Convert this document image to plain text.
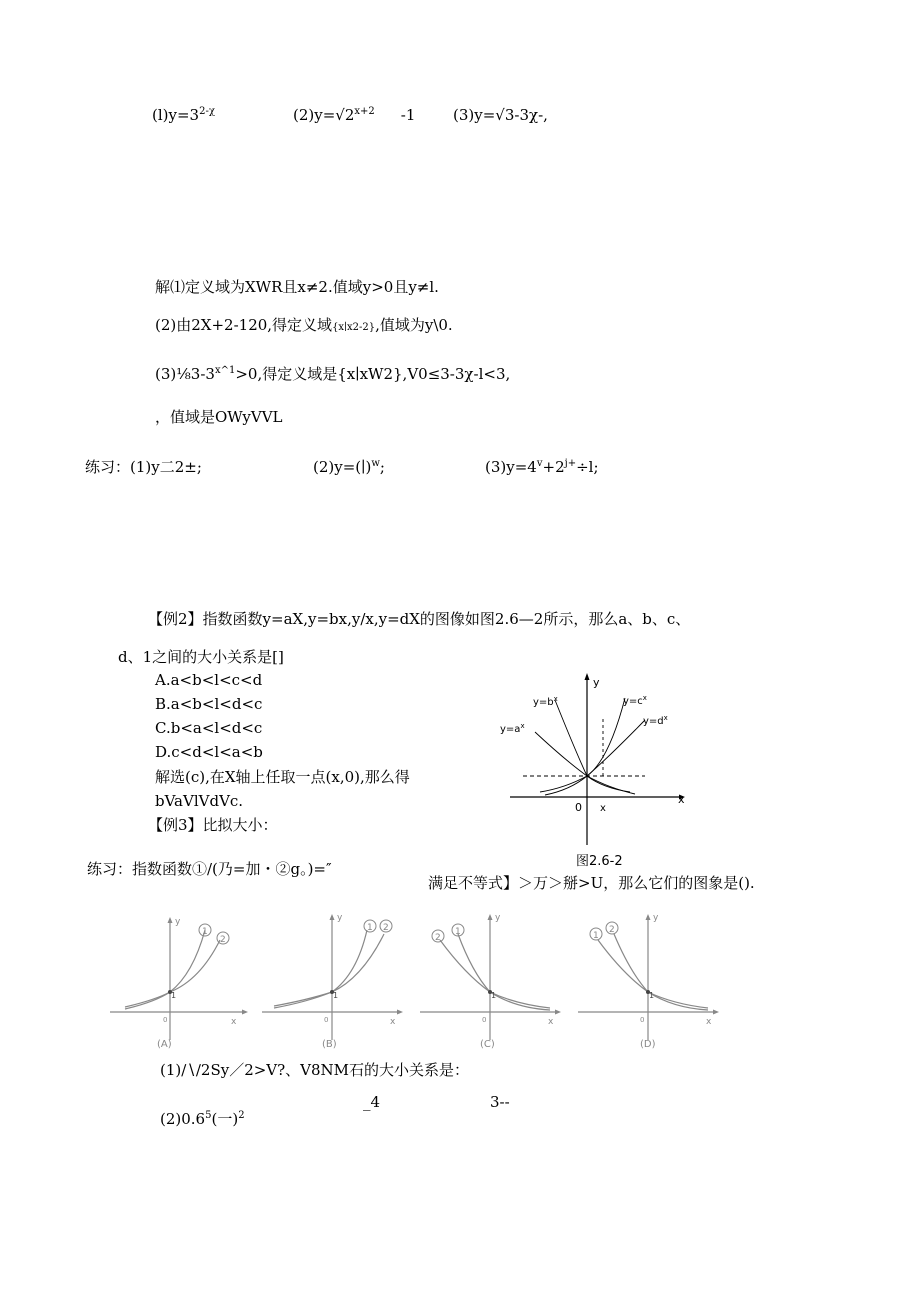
$(l)y=3^{2-\chi}$	$(2)y=√2^{x+2}$ -1	(3)y=√3-3χ-,
解⑴定义域为XWR且x≠2.值域y>0且y≠l.
(2)由2X+2-120,得定义域{x∣x2-2},值域为y\0.
$(3)\frac{1}{8}3-3^{x\^{}1}>0$,得定义域是{x∣xW2},V0≤3-3χ-l<3,
，值域是OWyVVL
练习：(1)y二2±;	(2)y=(∣)$^w$;	$(3)y=4^v+2^{j+}\div l$;
【例2】指数函数y=aX,y=bx,y/x,y=dX的图像如图2.6—2所示，那么a、b、c、
d、1之间的大小关系是[]
A.a<b<l<c<d
B.a<b<l<d<c
C.b<a<l<d<c
D.c<d<l<a<b
解选(c),在X轴上任取一点(x,0),那么得
bVaVlVdVc.
【例3】比拟大小：
y
x
0 x
$y=b^x$
$y=a^x$
$y=c^x$
$y=d^x$
图2.6-2
练习：指数函数①/(乃=加・②g。)=″
满足不等式】＞万＞掰>U，那么它们的图象是().
1
2
y
x
0
1
(A)
1 2
y
x
0
1
(B)
2
1
y
x
0
1
(C)
1
2
y
x
0
1
(D)
(1)∕∖∕2Sy／2>V?、V8NM石的大小关系是：
_4	3--
$(2)0.6^5$(一)$^2$
